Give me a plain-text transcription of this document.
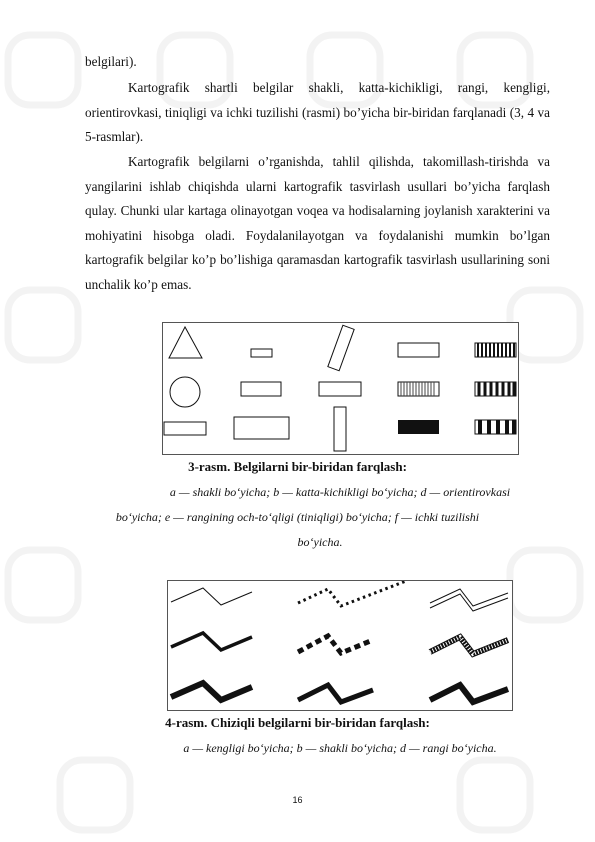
belgilari).

Kartografik shartli belgilar shakli, katta-kichikligi, rangi, kengligi, orientirovkasi, tiniqligi va ichki tuzilishi (rasmi) bo’yicha bir-biridan farqlanadi (3, 4 va 5-rasmlar).

Kartografik belgilarni o’rganishda, tahlil qilishda, takomillash-tirishda va yangilarini ishlab chiqishda ularni kartografik tasvirlash usullari bo’yicha farqlash qulay. Chunki ular kartaga olinayotgan voqea va hodisalarning joylanish xarakterini va mohiyatini hisobga oladi. Foydalanilayotgan va foydalanishi mumkin bo’lgan kartografik belgilar ko’p bo’lishiga qaramasdan kartografik tasvirlash usullarining soni unchalik ko’p emas.

3-rasm. Belgilarni bir-biridan farqlash:
a — shakli bo‘yicha; b — katta-kichikligi bo‘yicha; d — orientirovkasi
bo‘yicha; e — rangining och-to‘qligi (tiniqligi) bo‘yicha; f — ichki tuzilishi
bo‘yicha.
4-rasm. Chiziqli belgilarni bir-biridan farqlash:
a — kengligi bo‘yicha; b — shakli bo‘yicha; d — rangi bo‘yicha.
16
